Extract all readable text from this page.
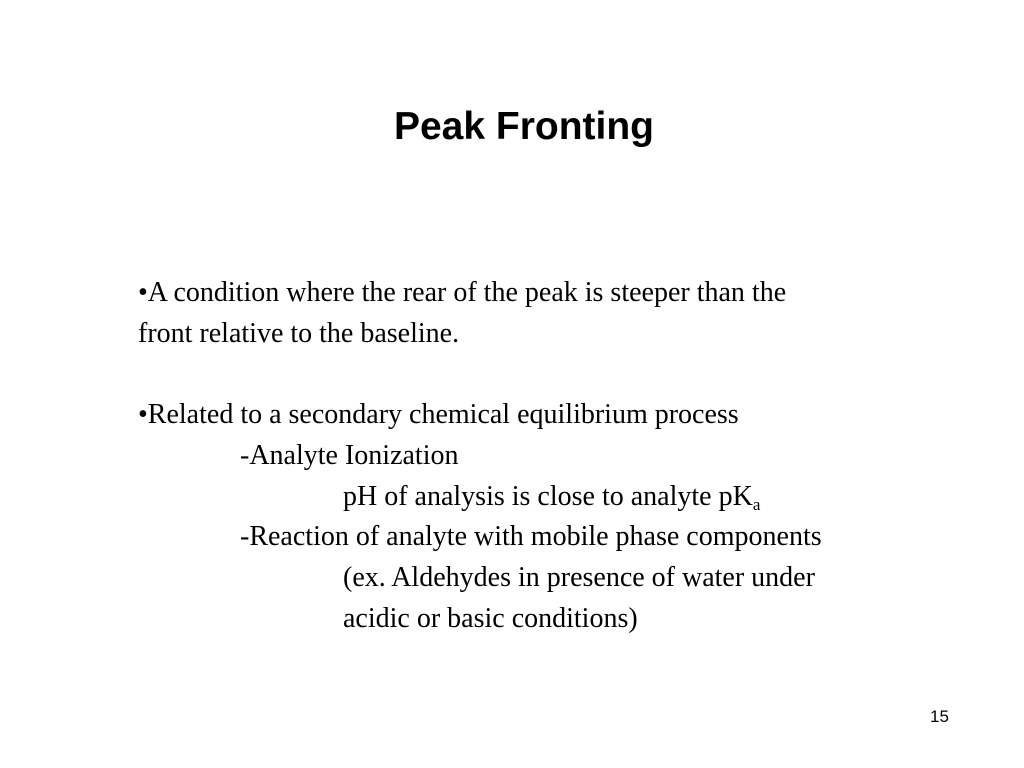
Peak Fronting
•A condition where the rear of the peak is steeper than the
front relative to the baseline.
•Related to a secondary chemical equilibrium process
-Analyte Ionization
pH of analysis is close to analyte $pK_a$
-Reaction of analyte with mobile phase components
(ex. Aldehydes in presence of water under
acidic or basic conditions)
15
